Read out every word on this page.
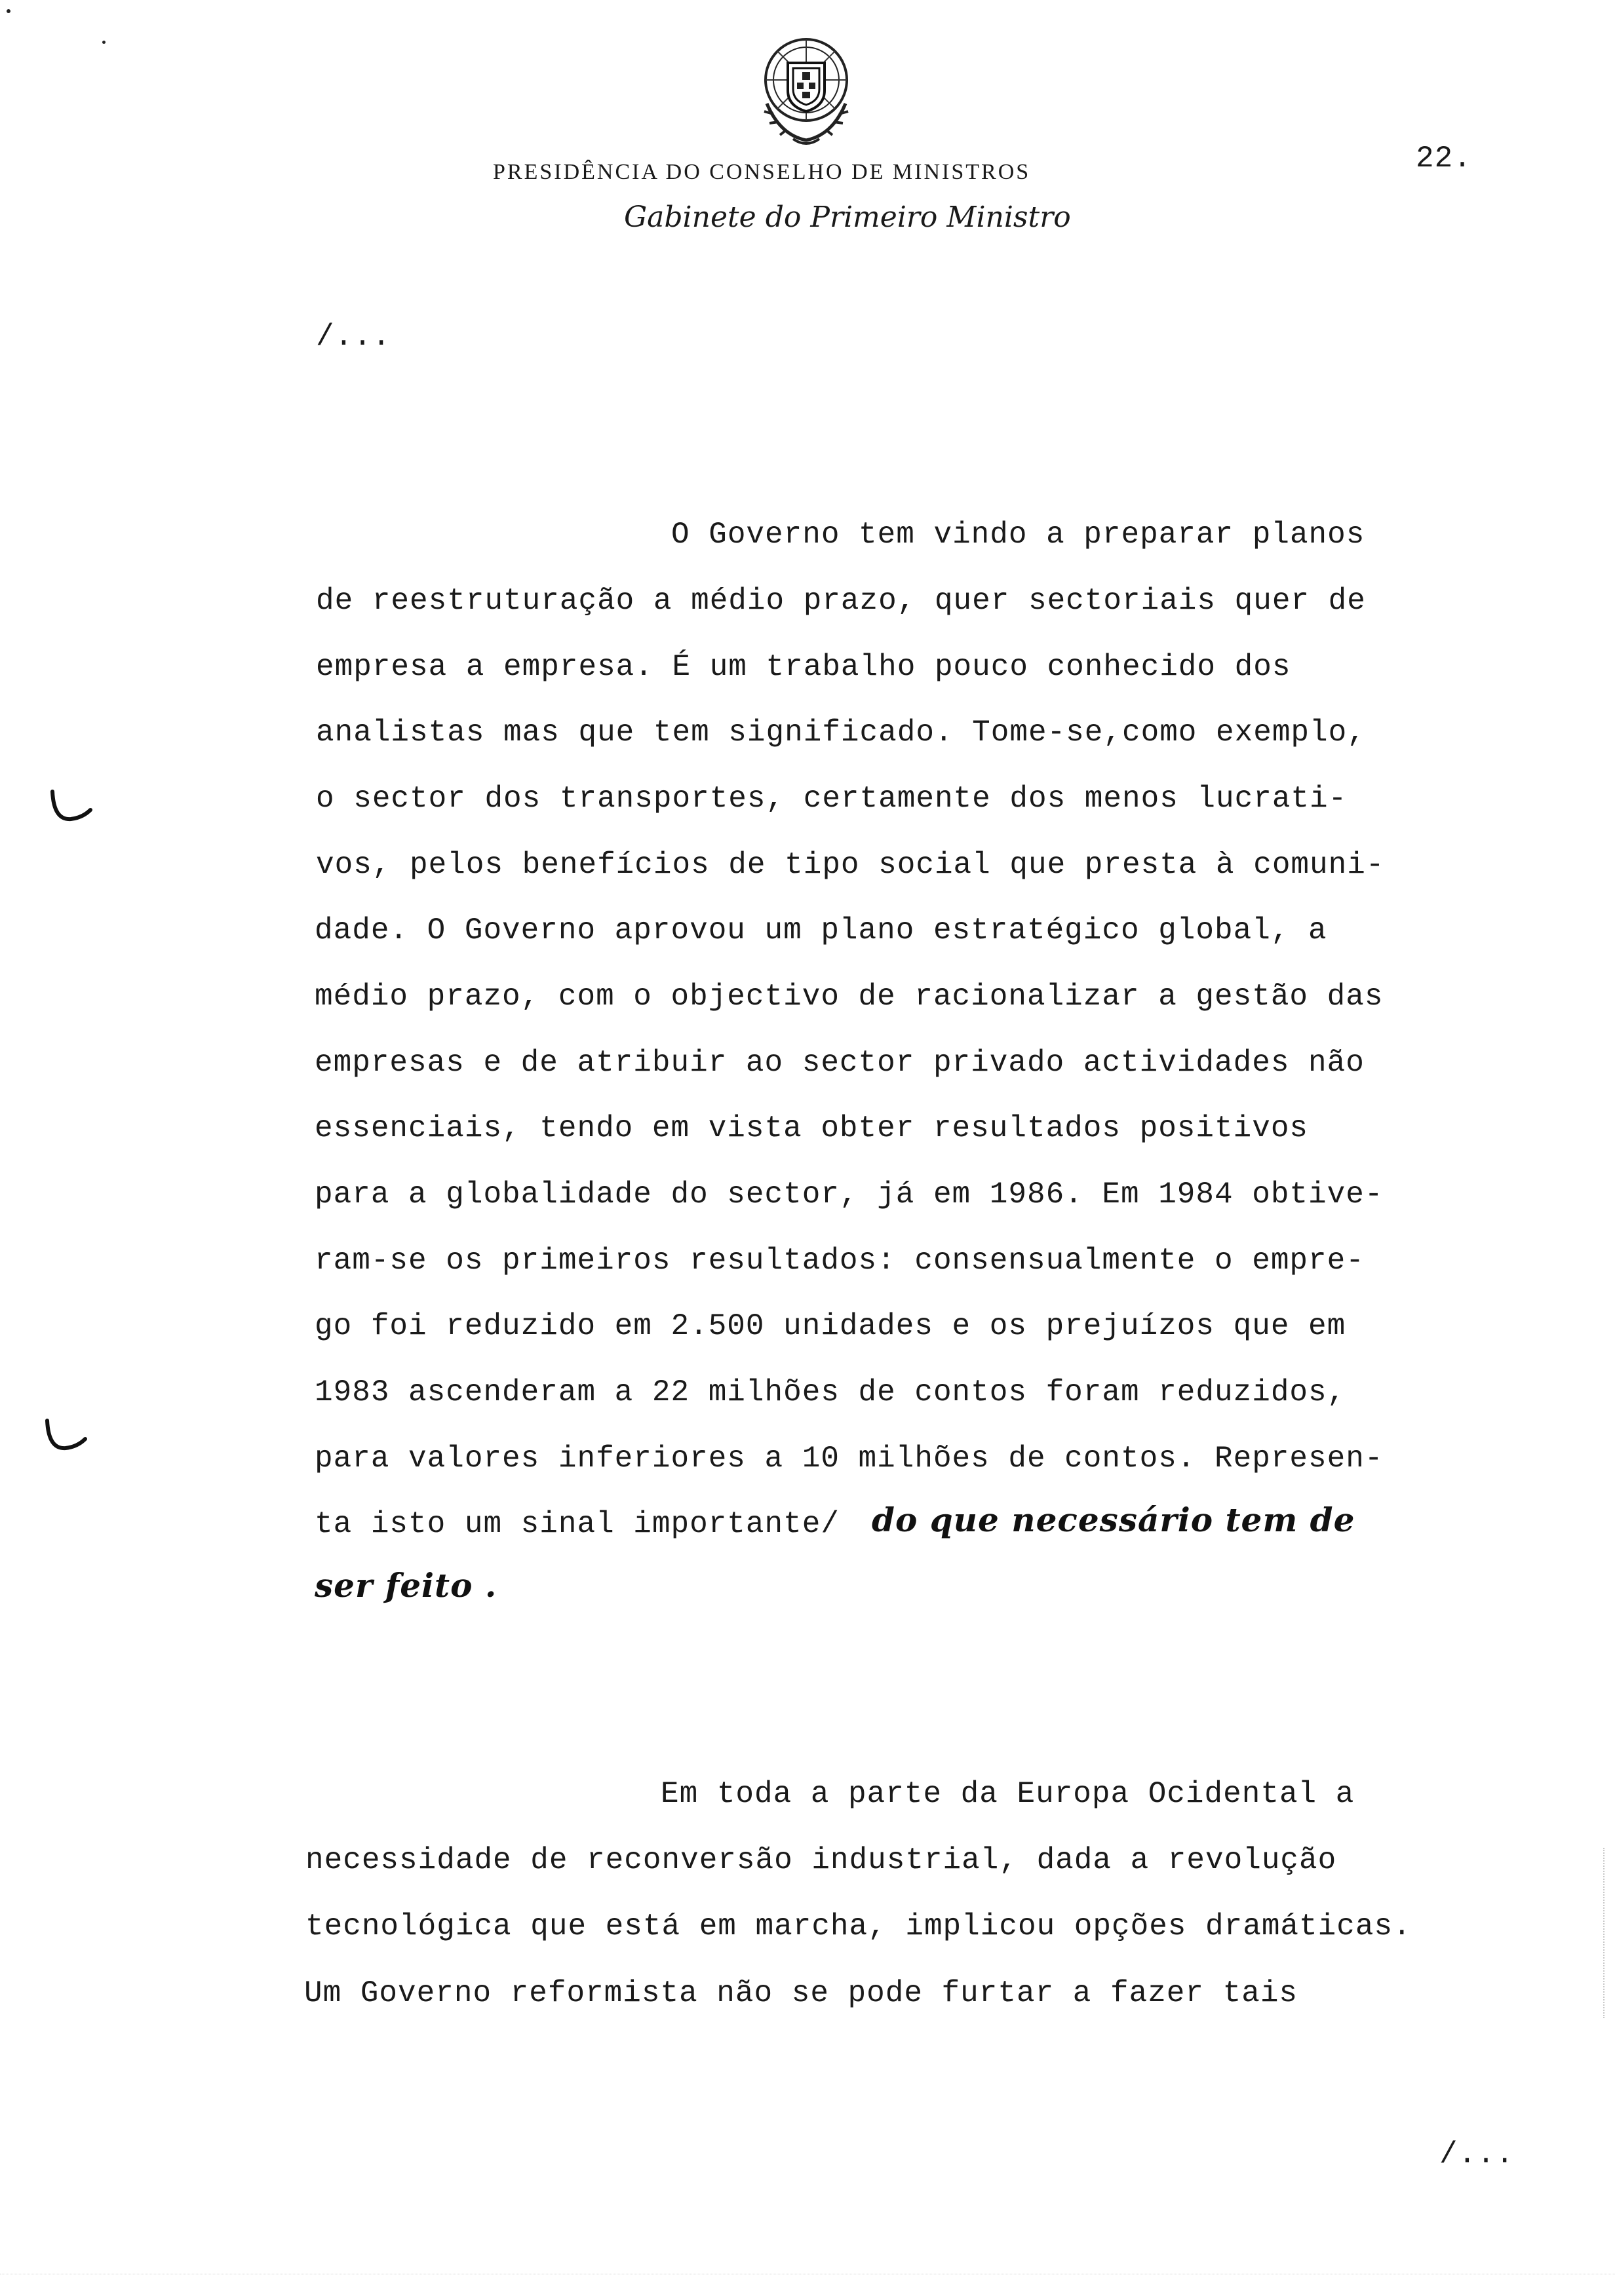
PRESIDÊNCIA DO CONSELHO DE MINISTROS
Gabinete do Primeiro Ministro
22.
/...
O Governo tem vindo a preparar planos
de reestruturação a médio prazo, quer sectoriais quer de
empresa a empresa. É um trabalho pouco conhecido dos
analistas mas que tem significado. Tome-se,como exemplo,
o sector dos transportes, certamente dos menos lucrati-
vos, pelos benefícios de tipo social que presta à comuni-
dade. O Governo aprovou um plano estratégico global, a
médio prazo, com o objectivo de racionalizar a gestão das
empresas e de atribuir ao sector privado actividades não
essenciais, tendo em vista obter resultados positivos
para a globalidade do sector, já em 1986. Em 1984 obtive-
ram-se os primeiros resultados: consensualmente o empre-
go foi reduzido em 2.500 unidades e os prejuízos que em
1983 ascenderam a 22 milhões de contos foram reduzidos,
para valores inferiores a 10 milhões de contos. Represen-
ta isto um sinal importante/ do que necessário tem de
ser feito .
Em toda a parte da Europa Ocidental a
necessidade de reconversão industrial, dada a revolução
tecnológica que está em marcha, implicou opções dramáticas.
Um Governo reformista não se pode furtar a fazer tais
/...
